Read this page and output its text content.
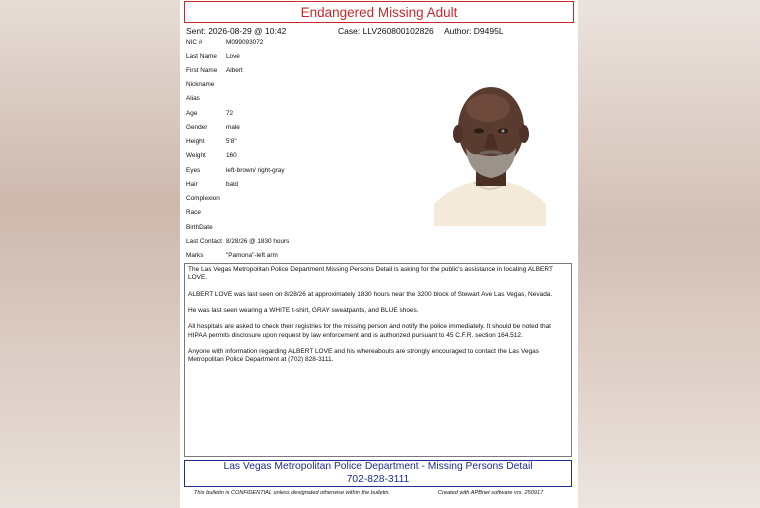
Endangered Missing Adult
Sent: 2026-08-29 @ 10:42	Case: LLV260800102826 Author: D9495L
NIC #	M099093072
Last Name Love
First Name Albert
Nickname
Alias
Age	72
Gender	male
Height	5'8"
Weight	160
Eyes	left-brown/ right-gray
Hair	bald
Complexion
Race
BirthDate
Last Contact 8/28/26 @ 1830 hours
Marks	"Pamona"-left arm

The Las Vegas Metropolitan Police Department Missing Persons Detail is asking for the public's assistance in locating ALBERT LOVE.

ALBERT LOVE was last seen on 8/28/26 at approximately 1830 hours near the 3200 block of Stewart Ave Las Vegas, Nevada.

He was last seen wearing a WHITE t-shirt, GRAY sweatpants, and BLUE shoes.

All hospitals are asked to check their registries for the missing person and notify the police immediately. It should be noted that HIPAA permits disclosure upon request by law enforcement and is authorized pursuant to 45 C.F.R. section 164.512.

Anyone with information regarding ALBERT LOVE and his whereabouts are strongly encouraged to contact the Las Vegas Metropolitan Police Department at (702) 828-3111.

Las Vegas Metropolitan Police Department - Missing Persons Detail
702-828-3111
This bulletin is CONFIDENTIAL unless designated otherwise within the bulletin.	Created with APBnet software vrs. 250917
